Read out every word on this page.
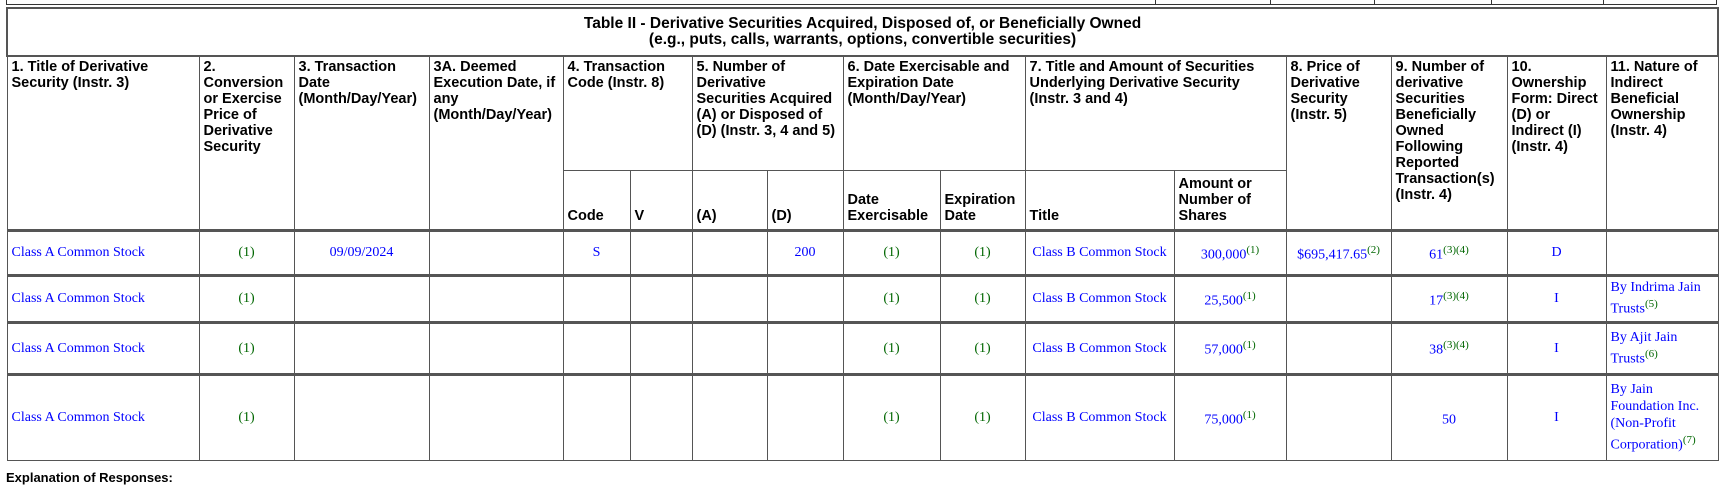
Table II - Derivative Securities Acquired, Disposed of, or Beneficially Owned
(e.g., puts, calls, warrants, options, convertible securities)															
1. Title of Derivative Security (Instr. 3)	2. Conversion or Exercise Price of Derivative Security	3. Transaction Date (Month/Day/Year)	3A. Deemed Execution Date, if any (Month/Day/Year)	4. Transaction Code (Instr. 8)		5. Number of Derivative Securities Acquired (A) or Disposed of (D) (Instr. 3, 4 and 5)		6. Date Exercisable and Expiration Date (Month/Day/Year)		7. Title and Amount of Securities Underlying Derivative Security (Instr. 3 and 4)		8. Price of Derivative Security (Instr. 5)	9. Number of derivative Securities Beneficially Owned Following Reported Transaction(s) (Instr. 4)	10. Ownership Form: Direct (D) or Indirect (I) (Instr. 4)	11. Nature of Indirect Beneficial Ownership (Instr. 4)
				Code	V	(A)	(D)	Date Exercisable	Expiration Date	Title	Amount or Number of Shares				
Class A Common Stock	(1)	09/09/2024		S			200	(1)	(1)	Class B Common Stock	300,000$^{(1)}$	$695,417.65$^{(2)}$	$61^{(3)(4)}$	D	
Class A Common Stock	(1)							(1)	(1)	Class B Common Stock	25,500$^{(1)}$		$17^{(3)(4)}$	I	By Indrima Jain Trusts$^{(5)}$
Class A Common Stock	(1)							(1)	(1)	Class B Common Stock	57,000$^{(1)}$		$38^{(3)(4)}$	I	By Ajit Jain Trusts$^{(6)}$
Class A Common Stock	(1)							(1)	(1)	Class B Common Stock	75,000$^{(1)}$		50	I	By Jain Foundation Inc. (Non-Profit Corporation)$^{(7)}$
Explanation of Responses:
